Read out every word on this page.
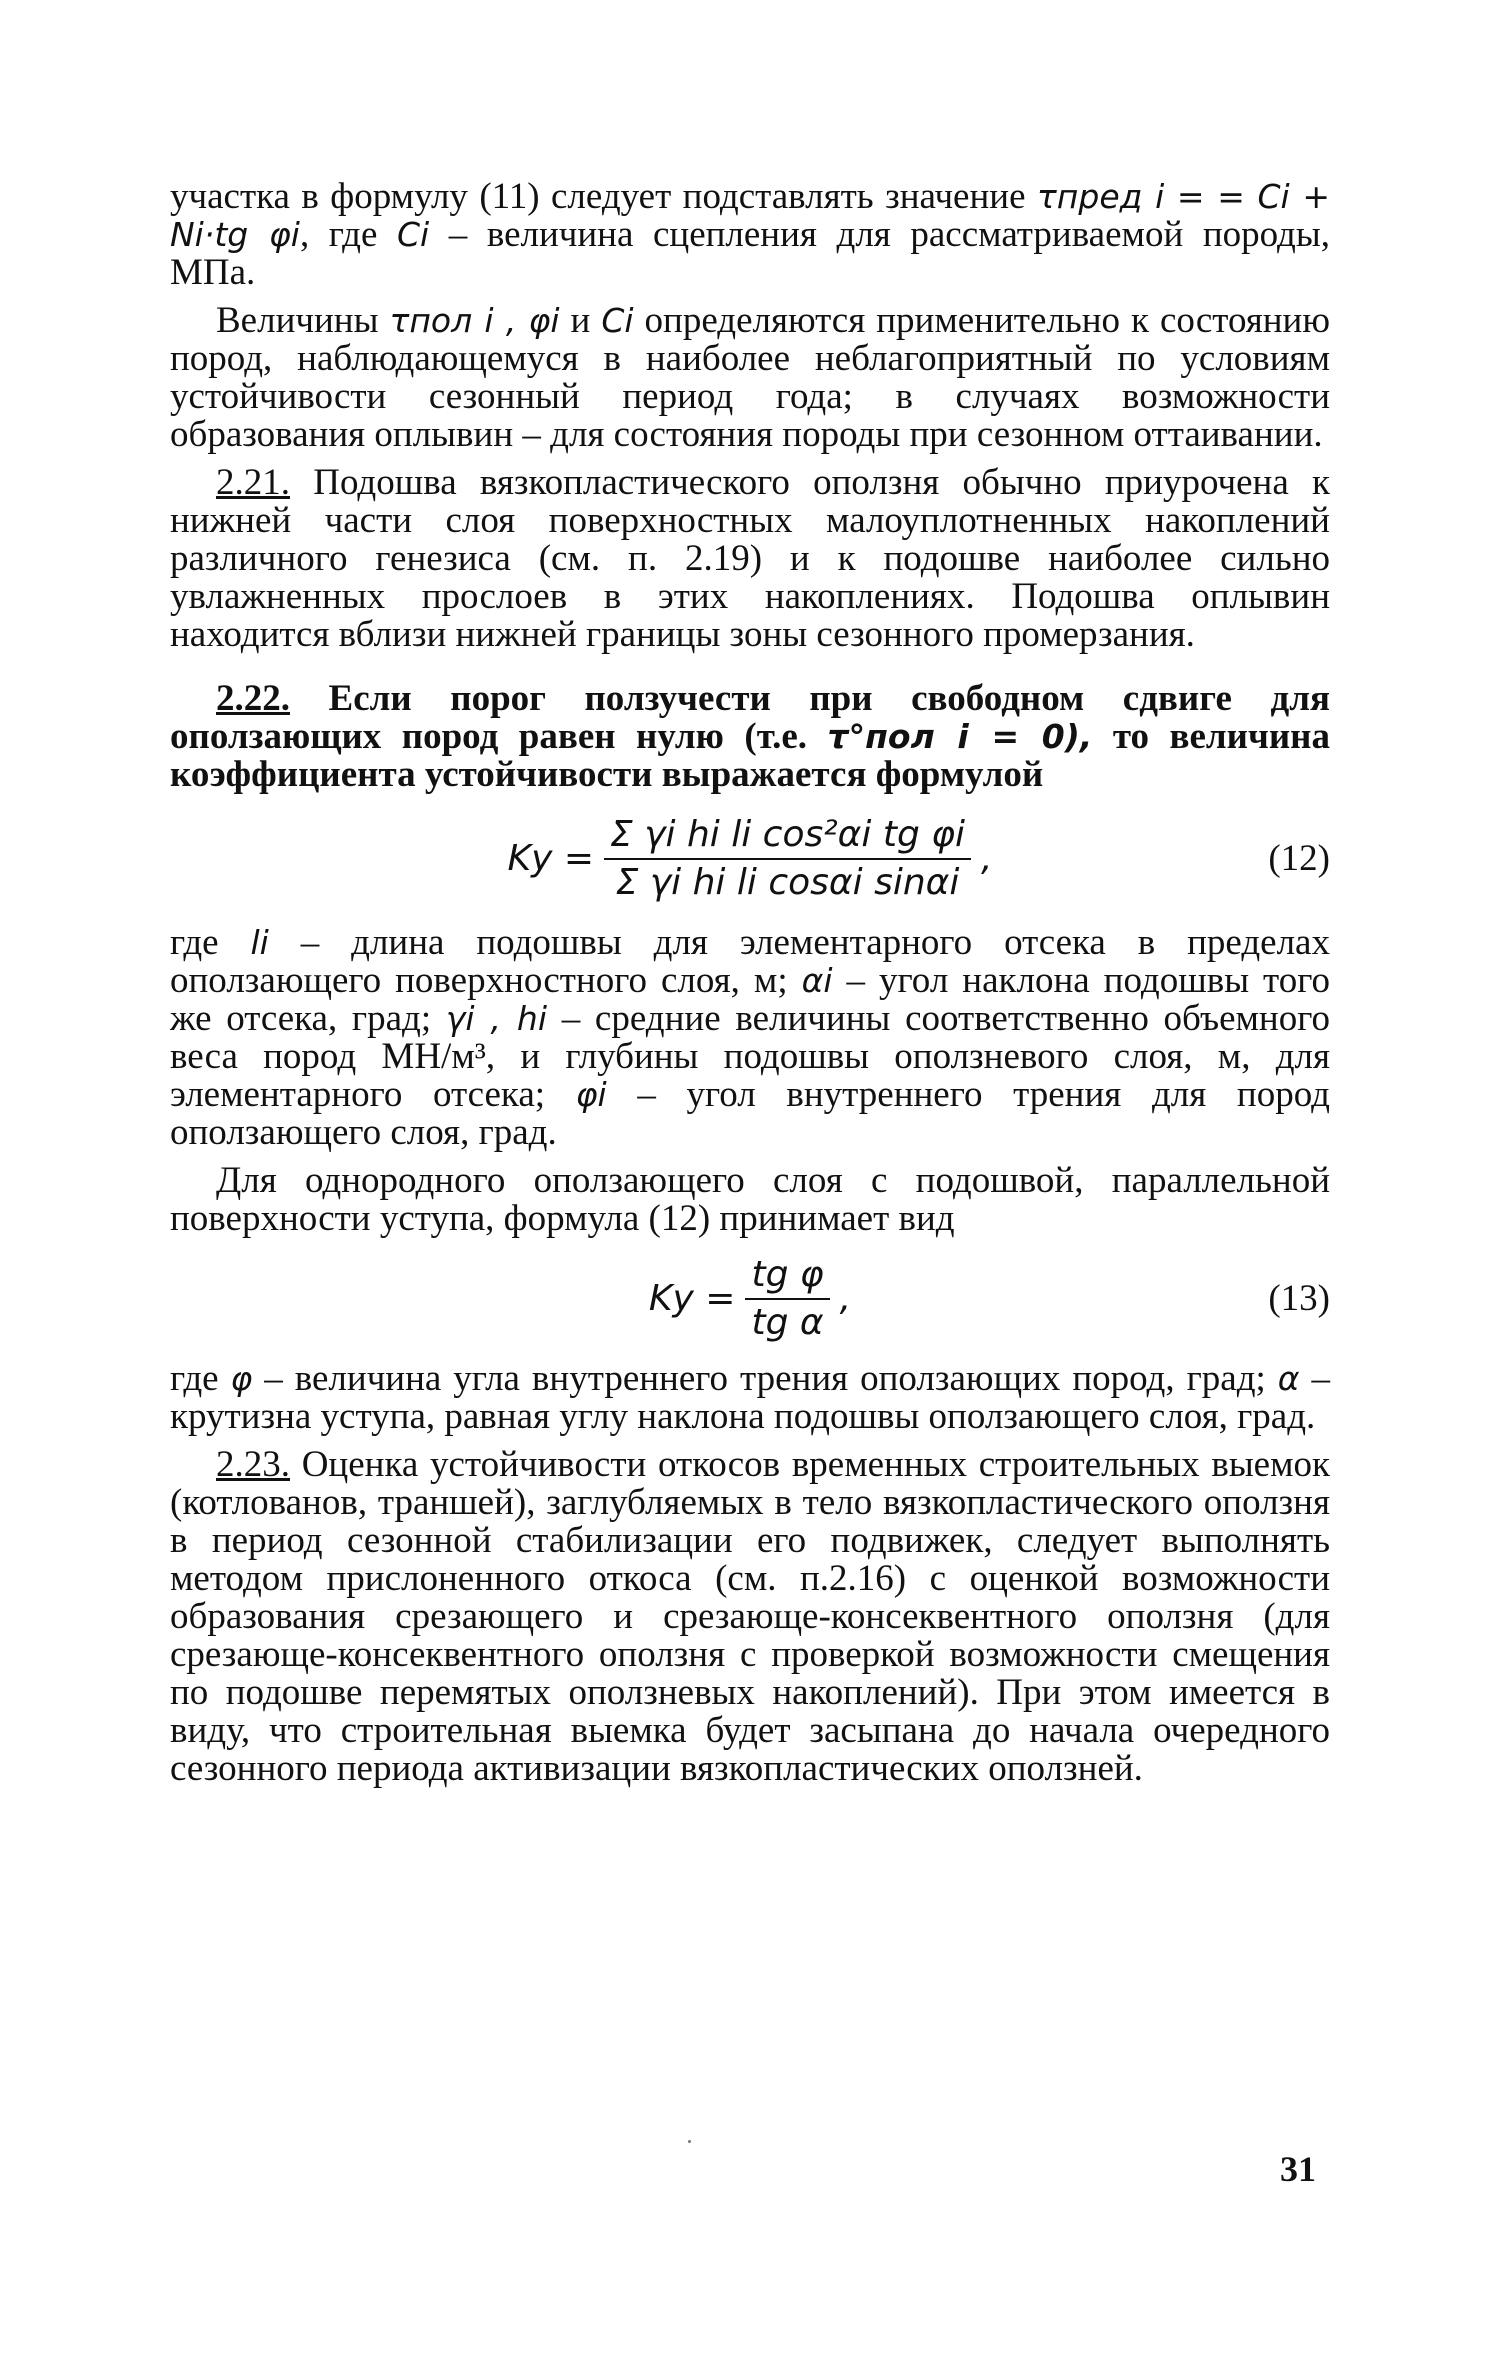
участка в формулу (11) следует подставлять значение τпред i = = Ci + Ni·tg φi, где Ci – величина сцепления для рассматриваемой породы, МПа.

Величины τпол i , φi и Ci определяются применительно к состоянию пород, наблюдающемуся в наиболее неблагоприятный по условиям устойчивости сезонный период года; в случаях возможности образования оплывин – для состояния породы при сезонном оттаивании.

2.21. Подошва вязкопластического оползня обычно приурочена к нижней части слоя поверхностных малоуплотненных накоплений различного генезиса (см. п. 2.19) и к подошве наиболее сильно увлажненных прослоев в этих накоплениях. Подошва оплывин находится вблизи нижней границы зоны сезонного промерзания.

2.22. Если порог ползучести при свободном сдвиге для оползающих пород равен нулю (т.е. τ°пол i = 0), то величина коэффициента устойчивости выражается формулой

Kу = $\frac{\text{Σ γi hi li cos²αi tg φi}}{\text{Σ γi hi li cosαi sinαi}}$ ,	(12)

где li – длина подошвы для элементарного отсека в пределах оползающего поверхностного слоя, м; αi – угол наклона подошвы того же отсека, град; γi , hi – средние величины соответственно объемного веса пород МН/м³, и глубины подошвы оползневого слоя, м, для элементарного отсека; φi – угол внутреннего трения для пород оползающего слоя, град.

Для однородного оползающего слоя с подошвой, параллельной поверхности уступа, формула (12) принимает вид

Kу = $\frac{\text{tg φ}}{\text{tg α}}$ ,	(13)

где φ – величина угла внутреннего трения оползающих пород, град; α – крутизна уступа, равная углу наклона подошвы оползающего слоя, град.

2.23. Оценка устойчивости откосов временных строительных выемок (котлованов, траншей), заглубляемых в тело вязкопластического оползня в период сезонной стабилизации его подвижек, следует выполнять методом прислоненного откоса (см. п.2.16) с оценкой возможности образования срезающего и срезающе-консеквентного оползня (для срезающе-консеквентного оползня с проверкой возможности смещения по подошве перемятых оползневых накоплений). При этом имеется в виду, что строительная выемка будет засыпана до начала очередного сезонного периода активизации вязкопластических оползней.

31
